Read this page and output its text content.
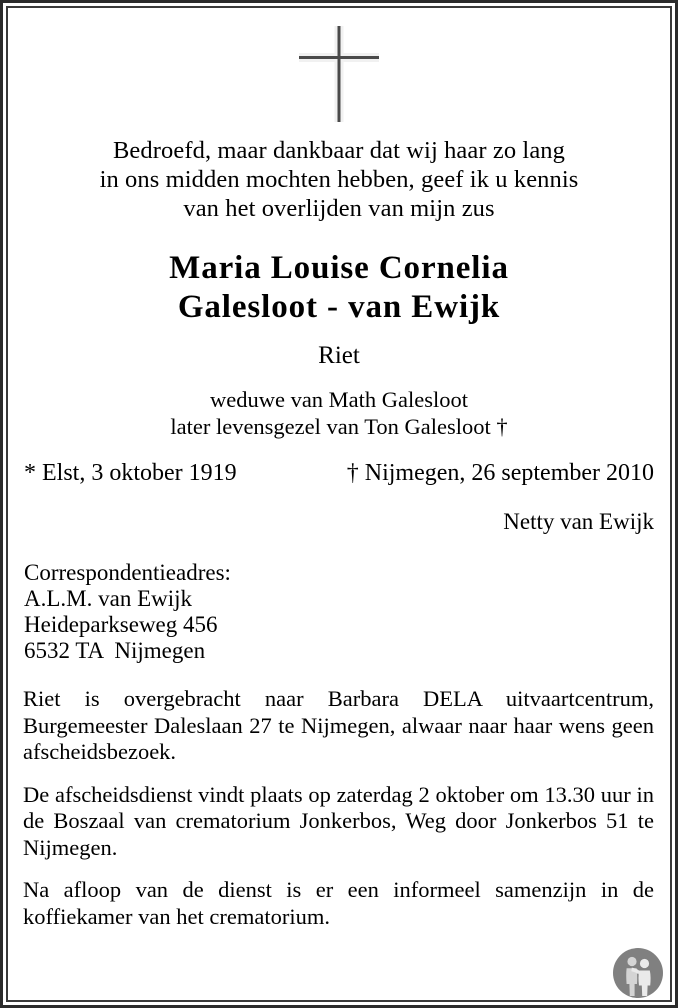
Bedroefd, maar dankbaar dat wij haar zo lang
in ons midden mochten hebben, geef ik u kennis
van het overlijden van mijn zus
Maria Louise Cornelia
Galesloot - van Ewijk
Riet
weduwe van Math Galesloot
later levensgezel van Ton Galesloot †
* Elst, 3 oktober 1919	† Nijmegen, 26 september 2010
Netty van Ewijk
Correspondentieadres:
A.L.M. van Ewijk
Heideparkseweg 456
6532 TA  Nijmegen

Riet is overgebracht naar Barbara DELA uitvaartcentrum, Burgemeester Daleslaan 27 te Nijmegen, alwaar naar haar wens geen afscheidsbezoek.

De afscheidsdienst vindt plaats op zaterdag 2 oktober om 13.30 uur in de Boszaal van crematorium Jonkerbos, Weg door Jonkerbos 51 te Nijmegen.

Na afloop van de dienst is er een informeel samenzijn in de koffiekamer van het crematorium.
